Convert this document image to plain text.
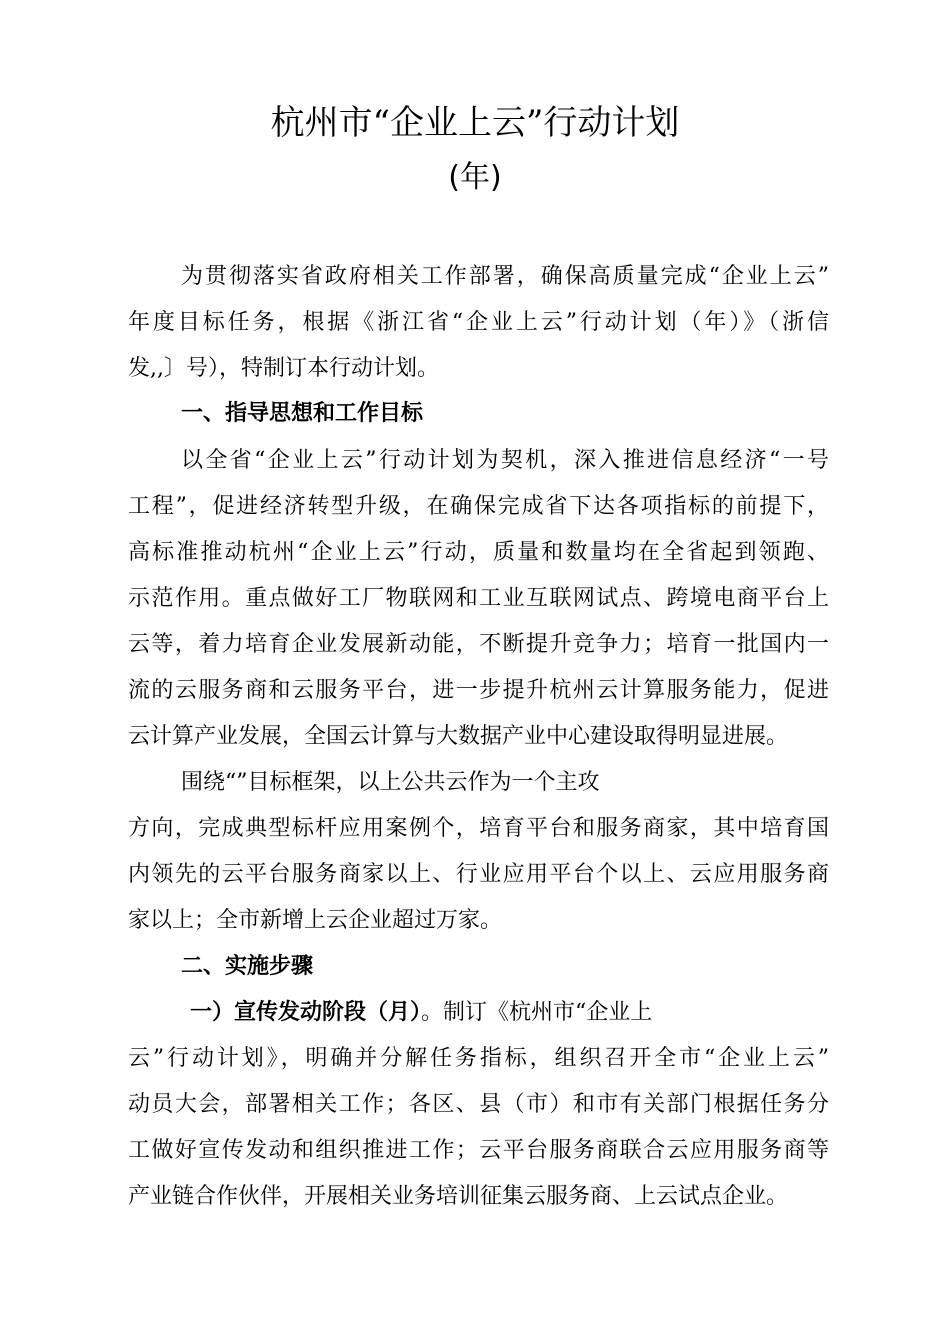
杭州市“企业上云”行动计划
(年)
为贯彻落实省政府相关工作部署，确保高质量完成“企业上云”
年度目标任务，根据《浙江省“企业上云”行动计划（年）》（浙信
发,,〕号），特制订本行动计划。
一、指导思想和工作目标
以全省“企业上云”行动计划为契机，深入推进信息经济“一号
工程”，促进经济转型升级，在确保完成省下达各项指标的前提下，
高标准推动杭州“企业上云”行动，质量和数量均在全省起到领跑、
示范作用。重点做好工厂物联网和工业互联网试点、跨境电商平台上
云等，着力培育企业发展新动能，不断提升竞争力；培育一批国内一
流的云服务商和云服务平台，进一步提升杭州云计算服务能力，促进
云计算产业发展，全国云计算与大数据产业中心建设取得明显进展。
围绕“”目标框架，以上公共云作为一个主攻
方向，完成典型标杆应用案例个，培育平台和服务商家，其中培育国
内领先的云平台服务商家以上、行业应用平台个以上、云应用服务商
家以上；全市新增上云企业超过万家。
二、实施步骤
一）宣传发动阶段（月）。制订《杭州市“企业上
云”行动计划》，明确并分解任务指标，组织召开全市“企业上云”
动员大会，部署相关工作；各区、县（市）和市有关部门根据任务分
工做好宣传发动和组织推进工作；云平台服务商联合云应用服务商等
产业链合作伙伴，开展相关业务培训征集云服务商、上云试点企业。
